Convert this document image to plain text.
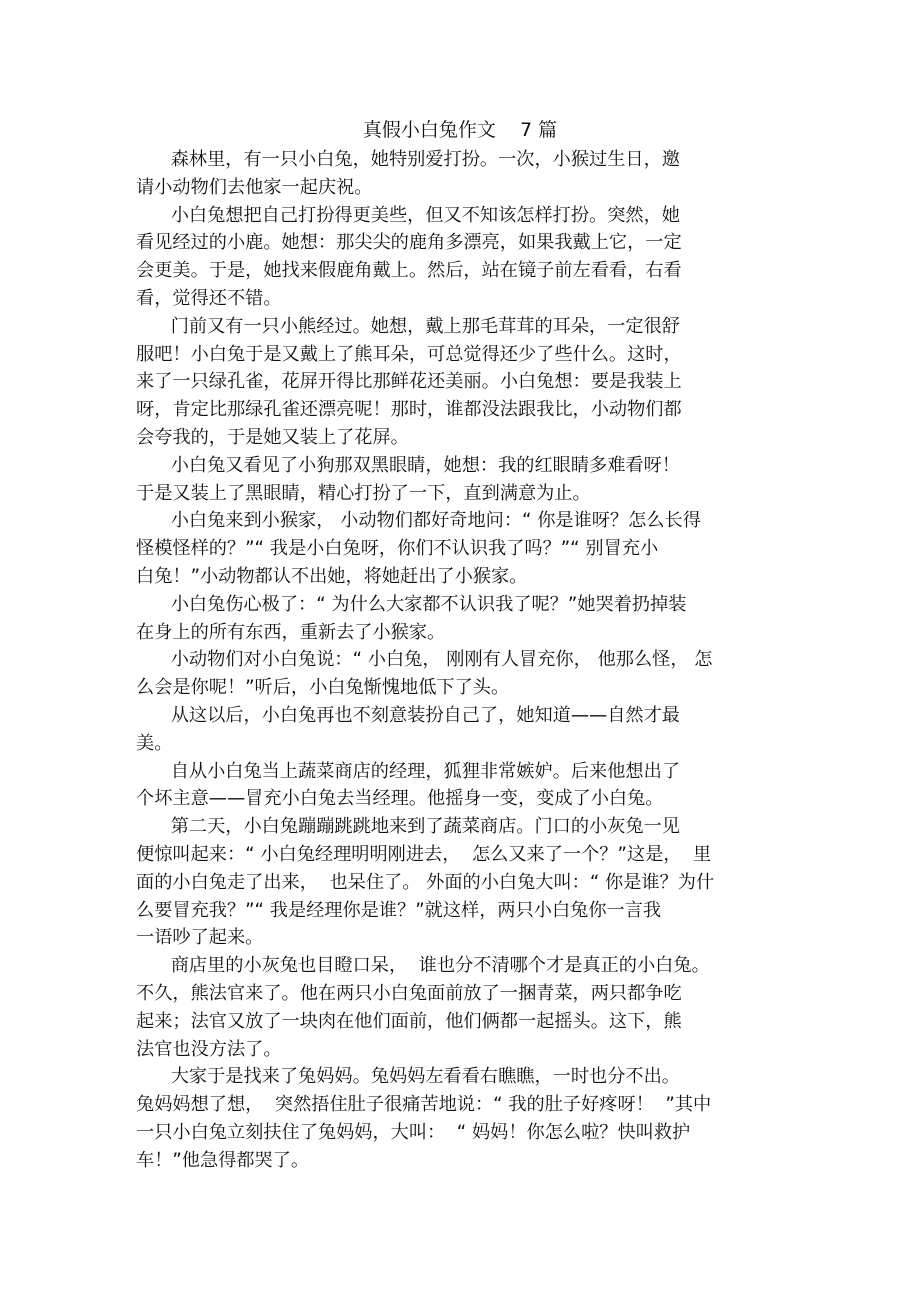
真假小白兔作文    7 篇
森林里，有一只小白兔，她特别爱打扮。一次，小猴过生日，邀
请小动物们去他家一起庆祝。
小白兔想把自己打扮得更美些，但又不知该怎样打扮。突然，她
看见经过的小鹿。她想：那尖尖的鹿角多漂亮，如果我戴上它，一定
会更美。于是，她找来假鹿角戴上。然后，站在镜子前左看看，右看
看，觉得还不错。
门前又有一只小熊经过。她想，戴上那毛茸茸的耳朵，一定很舒
服吧！小白兔于是又戴上了熊耳朵，可总觉得还少了些什么。这时，
来了一只绿孔雀，花屏开得比那鲜花还美丽。小白兔想：要是我装上
呀，肯定比那绿孔雀还漂亮呢！那时，谁都没法跟我比，小动物们都
会夸我的，于是她又装上了花屏。
小白兔又看见了小狗那双黑眼睛，她想：我的红眼睛多难看呀！
于是又装上了黑眼睛，精心打扮了一下，直到满意为止。
小白兔来到小猴家， 小动物们都好奇地问：“ 你是谁呀？怎么长得
怪模怪样的？”“ 我是小白兔呀，你们不认识我了吗？”“ 别冒充小
白兔！”小动物都认不出她，将她赶出了小猴家。
小白兔伤心极了：“ 为什么大家都不认识我了呢？”她哭着扔掉装
在身上的所有东西，重新去了小猴家。
小动物们对小白兔说：“ 小白兔， 刚刚有人冒充你， 他那么怪， 怎
么会是你呢！”听后，小白兔惭愧地低下了头。
从这以后，小白兔再也不刻意装扮自己了，她知道——自然才最
美。
自从小白兔当上蔬菜商店的经理，狐狸非常嫉妒。后来他想出了
个坏主意——冒充小白兔去当经理。他摇身一变，变成了小白兔。
第二天，小白兔蹦蹦跳跳地来到了蔬菜商店。门口的小灰兔一见
便惊叫起来：“ 小白兔经理明明刚进去，  怎么又来了一个？”这是，  里
面的小白兔走了出来，  也呆住了。 外面的小白兔大叫：“ 你是谁？为什
么要冒充我？”“ 我是经理你是谁？”就这样，两只小白兔你一言我
一语吵了起来。
商店里的小灰兔也目瞪口呆，  谁也分不清哪个才是真正的小白兔。
不久，熊法官来了。他在两只小白兔面前放了一捆青菜，两只都争吃
起来；法官又放了一块肉在他们面前，他们俩都一起摇头。这下，熊
法官也没方法了。
大家于是找来了兔妈妈。兔妈妈左看看右瞧瞧，一时也分不出。
兔妈妈想了想，  突然捂住肚子很痛苦地说：“ 我的肚子好疼呀！  ”其中
一只小白兔立刻扶住了兔妈妈，大叫：  “ 妈妈！你怎么啦？快叫救护
车！”他急得都哭了。
